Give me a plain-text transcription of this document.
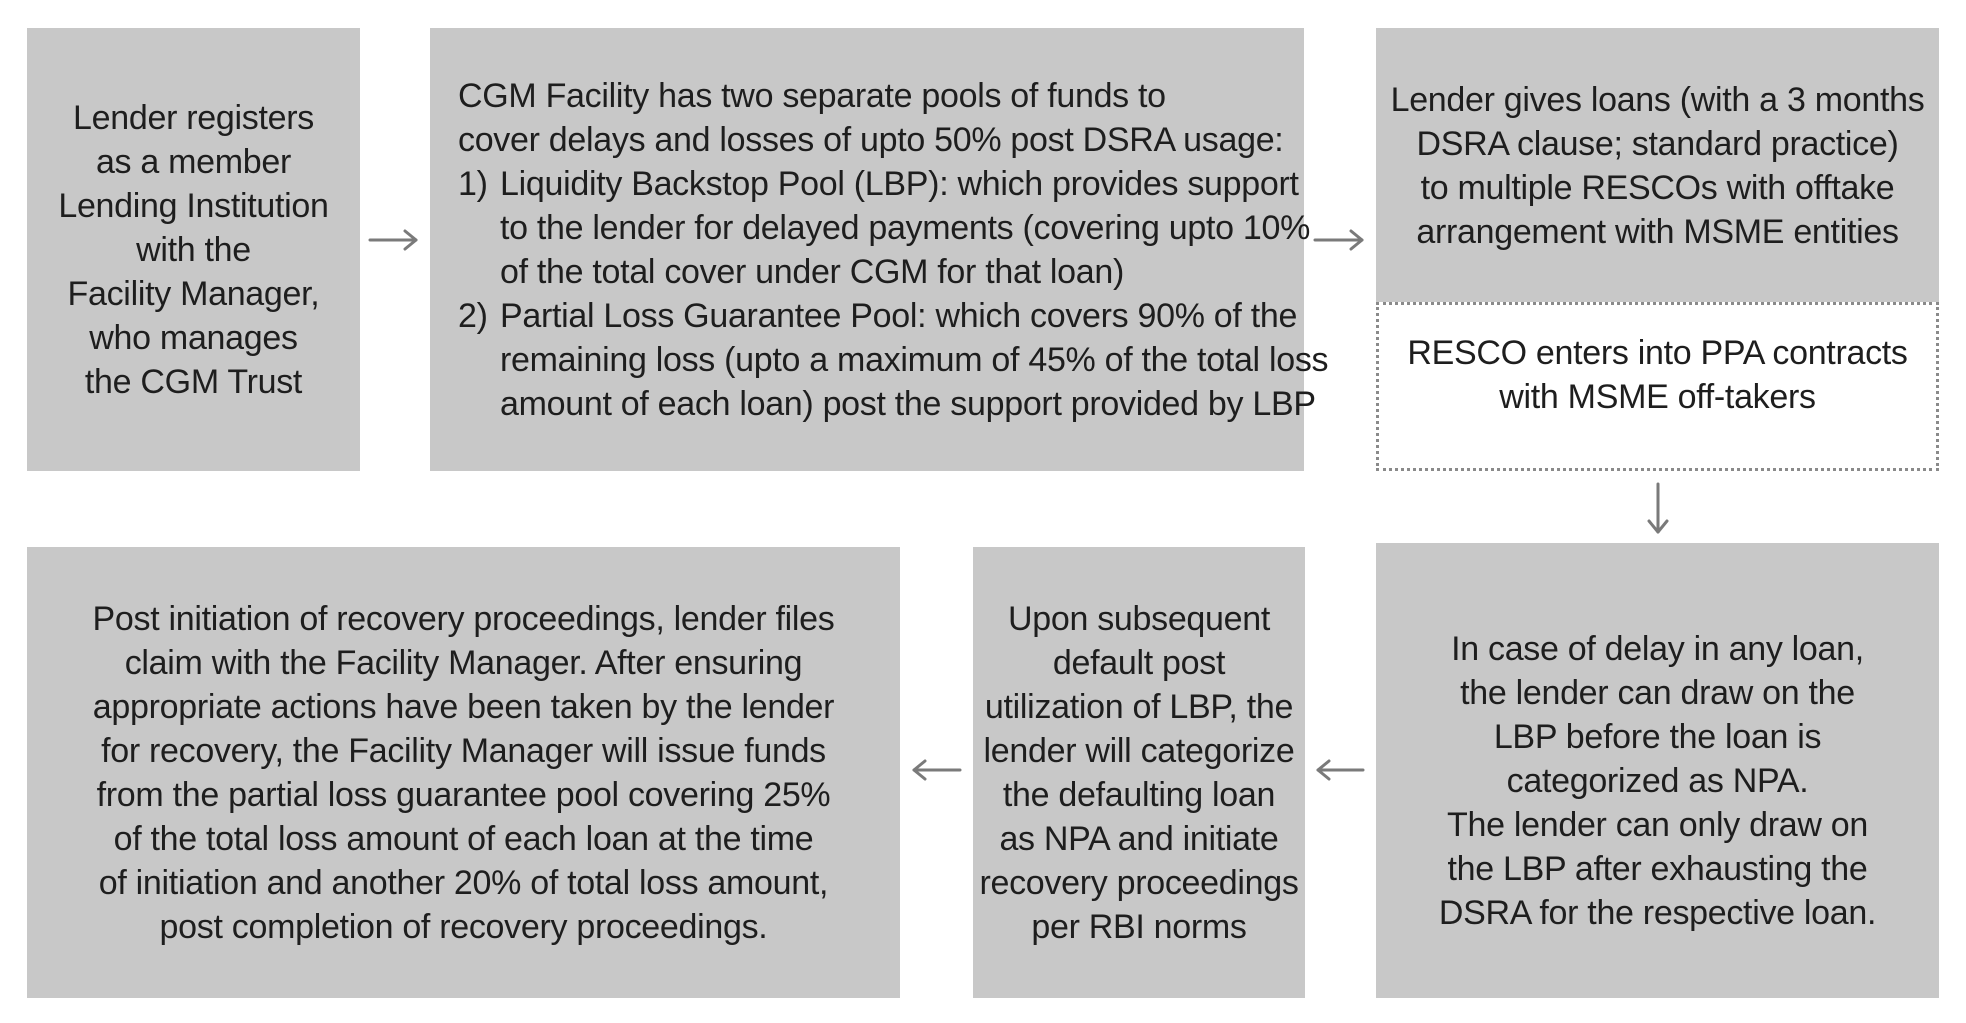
Lender registers
as a member
Lending Institution
with the
Facility Manager,
who manages
the CGM Trust
CGM Facility has two separate pools of funds to
cover delays and losses of upto 50% post DSRA usage:
1) Liquidity Backstop Pool (LBP): which provides support
to the lender for delayed payments (covering upto 10%
of the total cover under CGM for that loan)
2) Partial Loss Guarantee Pool: which covers 90% of the
remaining loss (upto a maximum of 45% of the total loss
amount of each loan) post the support provided by LBP
Lender gives loans (with a 3 months
DSRA clause; standard practice)
to multiple RESCOs with offtake
arrangement with MSME entities
RESCO enters into PPA contracts
with MSME off-takers
In case of delay in any loan,
the lender can draw on the
LBP before the loan is
categorized as NPA.
The lender can only draw on
the LBP after exhausting the
DSRA for the respective loan.
Upon subsequent
default post
utilization of LBP, the
lender will categorize
the defaulting loan
as NPA and initiate
recovery proceedings
per RBI norms
Post initiation of recovery proceedings, lender files
claim with the Facility Manager. After ensuring
appropriate actions have been taken by the lender
for recovery, the Facility Manager will issue funds
from the partial loss guarantee pool covering 25%
of the total loss amount of each loan at the time
of initiation and another 20% of total loss amount,
post completion of recovery proceedings.
